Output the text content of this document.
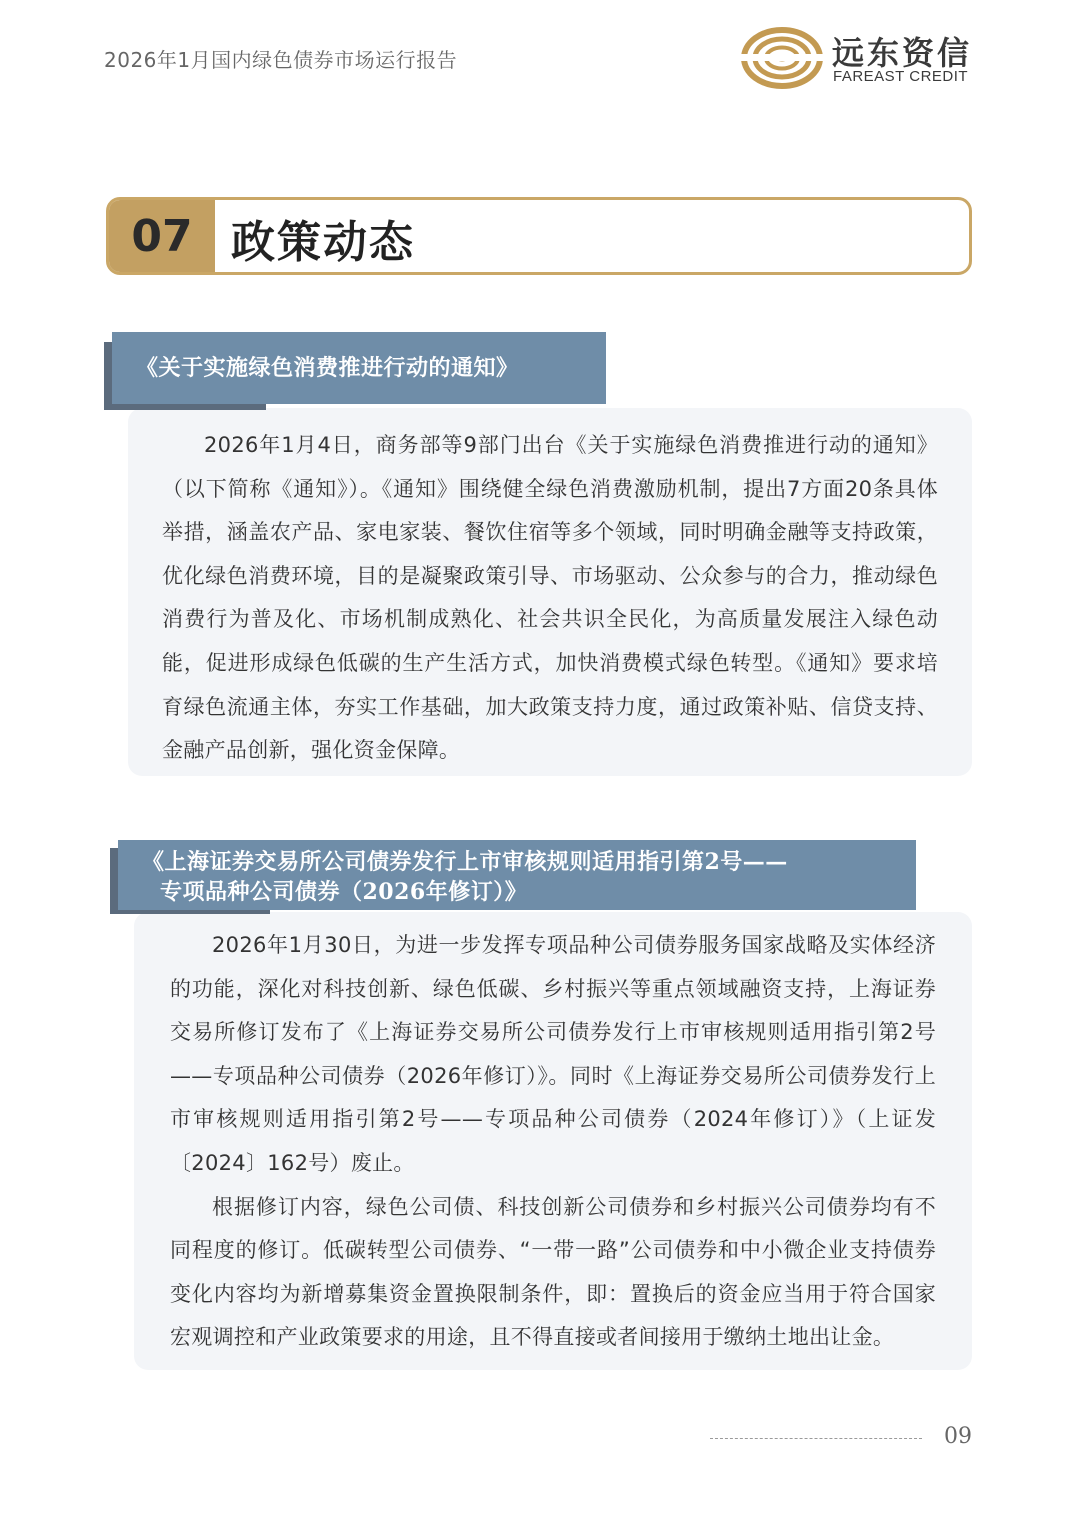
2026年1月国内绿色债券市场运行报告	远东资信
FAREAST CREDIT
07 政策动态

2026年1月4日，商务部等9部门出台《关于实施绿色消费推进行动的通知》（以下简称《通知》）。《通知》围绕健全绿色消费激励机制，提出7方面20条具体举措，涵盖农产品、家电家装、餐饮住宿等多个领域，同时明确金融等支持政策，优化绿色消费环境，目的是凝聚政策引导、市场驱动、公众参与的合力，推动绿色消费行为普及化、市场机制成熟化、社会共识全民化，为高质量发展注入绿色动能，促进形成绿色低碳的生产生活方式，加快消费模式绿色转型。《通知》要求培育绿色流通主体，夯实工作基础，加大政策支持力度，通过政策补贴、信贷支持、金融产品创新，强化资金保障。

《关于实施绿色消费推进行动的通知》

2026年1月30日，为进一步发挥专项品种公司债券服务国家战略及实体经济的功能，深化对科技创新、绿色低碳、乡村振兴等重点领域融资支持，上海证券交易所修订发布了《上海证券交易所公司债券发行上市审核规则适用指引第2号——专项品种公司债券（2026年修订）》。同时《上海证券交易所公司债券发行上市审核规则适用指引第2号——专项品种公司债券（2024年修订）》（上证发〔2024〕162号）废止。

根据修订内容，绿色公司债、科技创新公司债券和乡村振兴公司债券均有不同程度的修订。低碳转型公司债券、“一带一路”公司债券和中小微企业支持债券变化内容均为新增募集资金置换限制条件，即：置换后的资金应当用于符合国家宏观调控和产业政策要求的用途，且不得直接或者间接用于缴纳土地出让金。

《上海证券交易所公司债券发行上市审核规则适用指引第2号——
专项品种公司债券（2026年修订）》
09
